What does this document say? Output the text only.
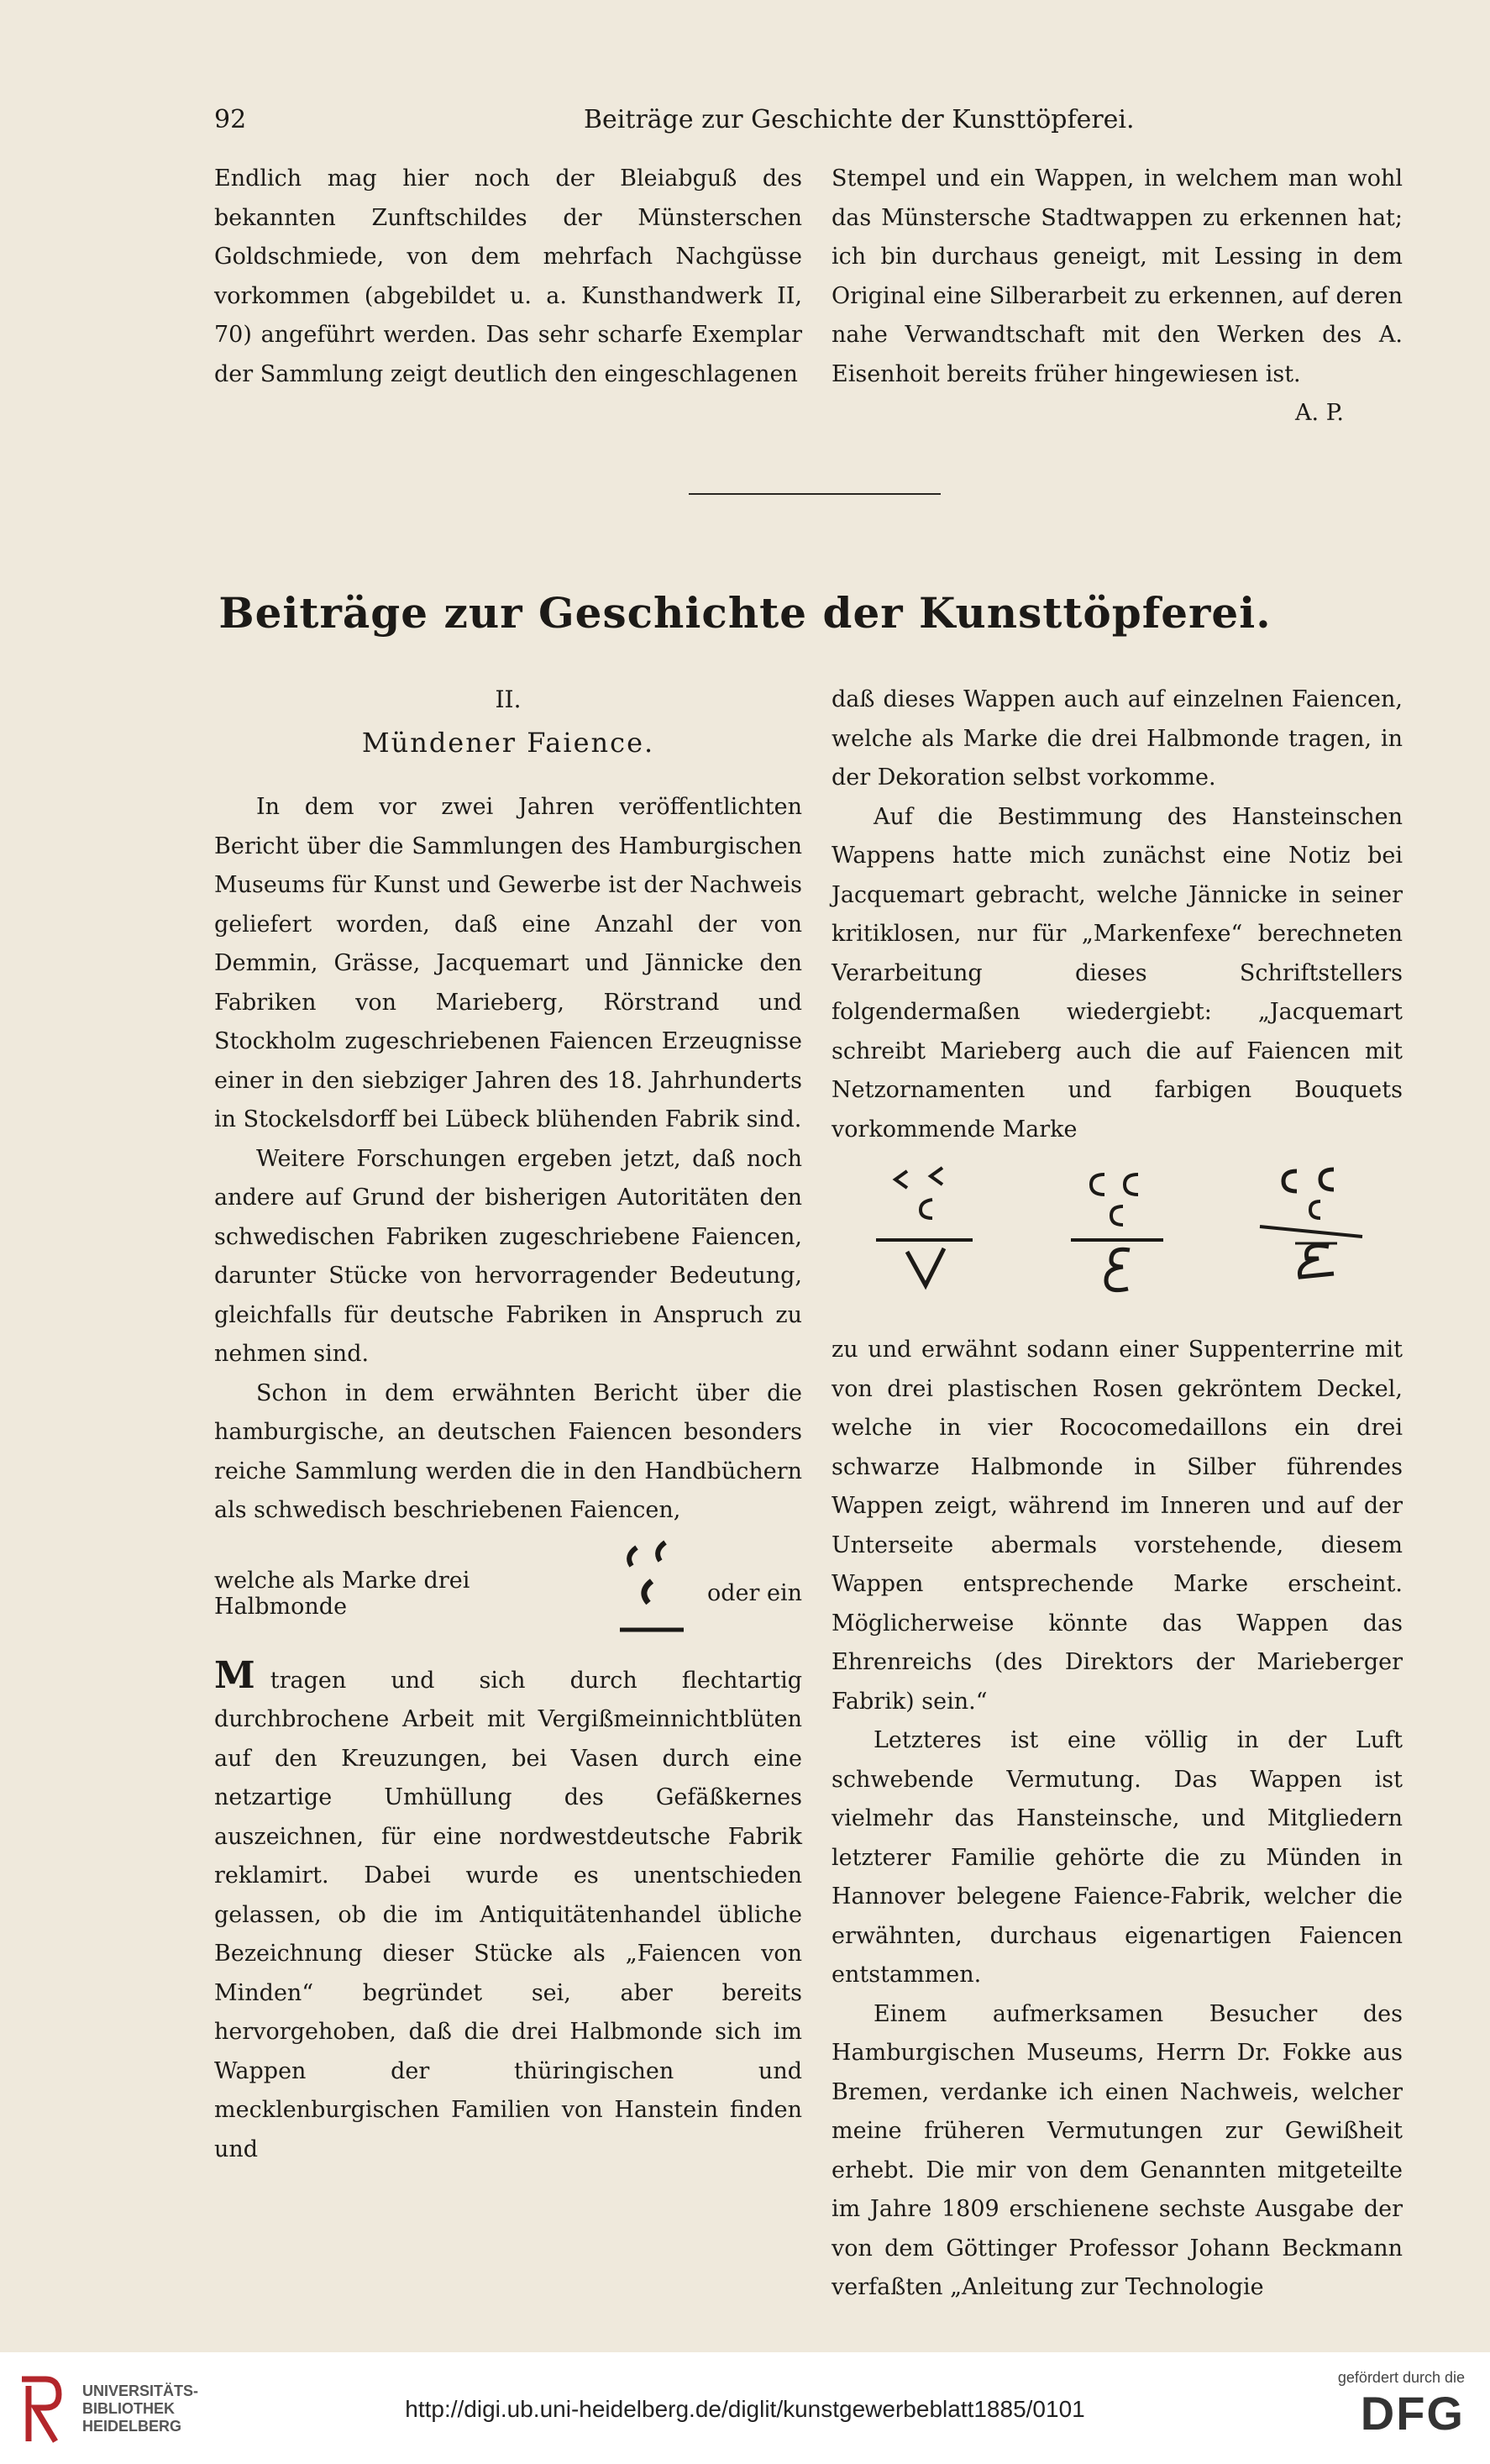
92	Beiträge zur Geschichte der Kunsttöpferei.

Endlich mag hier noch der Bleiabguß des bekannten Zunftschildes der Münsterschen Goldschmiede, von dem mehrfach Nachgüsse vorkommen (abgebildet u. a. Kunsthandwerk II, 70) angeführt werden. Das sehr scharfe Exemplar der Sammlung zeigt deutlich den eingeschlagenen

Stempel und ein Wappen, in welchem man wohl das Münstersche Stadtwappen zu erkennen hat; ich bin durchaus geneigt, mit Lessing in dem Original eine Silberarbeit zu erkennen, auf deren nahe Verwandtschaft mit den Werken des A. Eisenhoit bereits früher hingewiesen ist.

A. P.

Beiträge zur Geschichte der Kunsttöpferei.

II.

Mündener Faience.

In dem vor zwei Jahren veröffentlichten Bericht über die Sammlungen des Hamburgischen Museums für Kunst und Gewerbe ist der Nachweis geliefert worden, daß eine Anzahl der von Demmin, Grässe, Jacquemart und Jännicke den Fabriken von Marieberg, Rörstrand und Stockholm zugeschriebenen Faiencen Erzeugnisse einer in den siebziger Jahren des 18. Jahrhunderts in Stockelsdorff bei Lübeck blühenden Fabrik sind.

Weitere Forschungen ergeben jetzt, daß noch andere auf Grund der bisherigen Autoritäten den schwedischen Fabriken zugeschriebene Faiencen, darunter Stücke von hervorragender Bedeutung, gleichfalls für deutsche Fabriken in Anspruch zu nehmen sind.

Schon in dem erwähnten Bericht über die hamburgische, an deutschen Faiencen besonders reiche Sammlung werden die in den Handbüchern als schwedisch beschriebenen Faiencen,

welche als Marke drei Halbmonde	oder ein

Mtragen und sich durch flechtartig durchbrochene Arbeit mit Vergißmeinnichtblüten auf den Kreuzungen, bei Vasen durch eine netzartige Umhüllung des Gefäßkernes auszeichnen, für eine nordwestdeutsche Fabrik reklamirt. Dabei wurde es unentschieden gelassen, ob die im Antiquitätenhandel übliche Bezeichnung dieser Stücke als „Faiencen von Minden“ begründet sei, aber bereits hervorgehoben, daß die drei Halbmonde sich im Wappen der thüringischen und mecklenburgischen Familien von Hanstein finden und

daß dieses Wappen auch auf einzelnen Faiencen, welche als Marke die drei Halbmonde tragen, in der Dekoration selbst vorkomme.

Auf die Bestimmung des Hansteinschen Wappens hatte mich zunächst eine Notiz bei Jacquemart gebracht, welche Jännicke in seiner kritiklosen, nur für „Markenfexe“ berechneten Verarbeitung dieses Schriftstellers folgendermaßen wiedergiebt: „Jacquemart schreibt Marieberg auch die auf Faiencen mit Netzornamenten und farbigen Bouquets vorkommende Marke

zu und erwähnt sodann einer Suppenterrine mit von drei plastischen Rosen gekröntem Deckel, welche in vier Rococomedaillons ein drei schwarze Halbmonde in Silber führendes Wappen zeigt, während im Inneren und auf der Unterseite abermals vorstehende, diesem Wappen entsprechende Marke erscheint. Möglicherweise könnte das Wappen das Ehrenreichs (des Direktors der Marieberger Fabrik) sein.“

Letzteres ist eine völlig in der Luft schwebende Vermutung. Das Wappen ist vielmehr das Hansteinsche, und Mitgliedern letzterer Familie gehörte die zu Münden in Hannover belegene Faience-Fabrik, welcher die erwähnten, durchaus eigenartigen Faiencen entstammen.

Einem aufmerksamen Besucher des Hamburgischen Museums, Herrn Dr. Fokke aus Bremen, verdanke ich einen Nachweis, welcher meine früheren Vermutungen zur Gewißheit erhebt. Die mir von dem Genannten mitgeteilte im Jahre 1809 erschienene sechste Ausgabe der von dem Göttinger Professor Johann Beckmann verfaßten „Anleitung zur Technologie

UNIVERSITÄTS-
BIBLIOTHEK
HEIDELBERG
http://digi.ub.uni-heidelberg.de/diglit/kunstgewerbeblatt1885/0101
gefördert durch die
DFG
